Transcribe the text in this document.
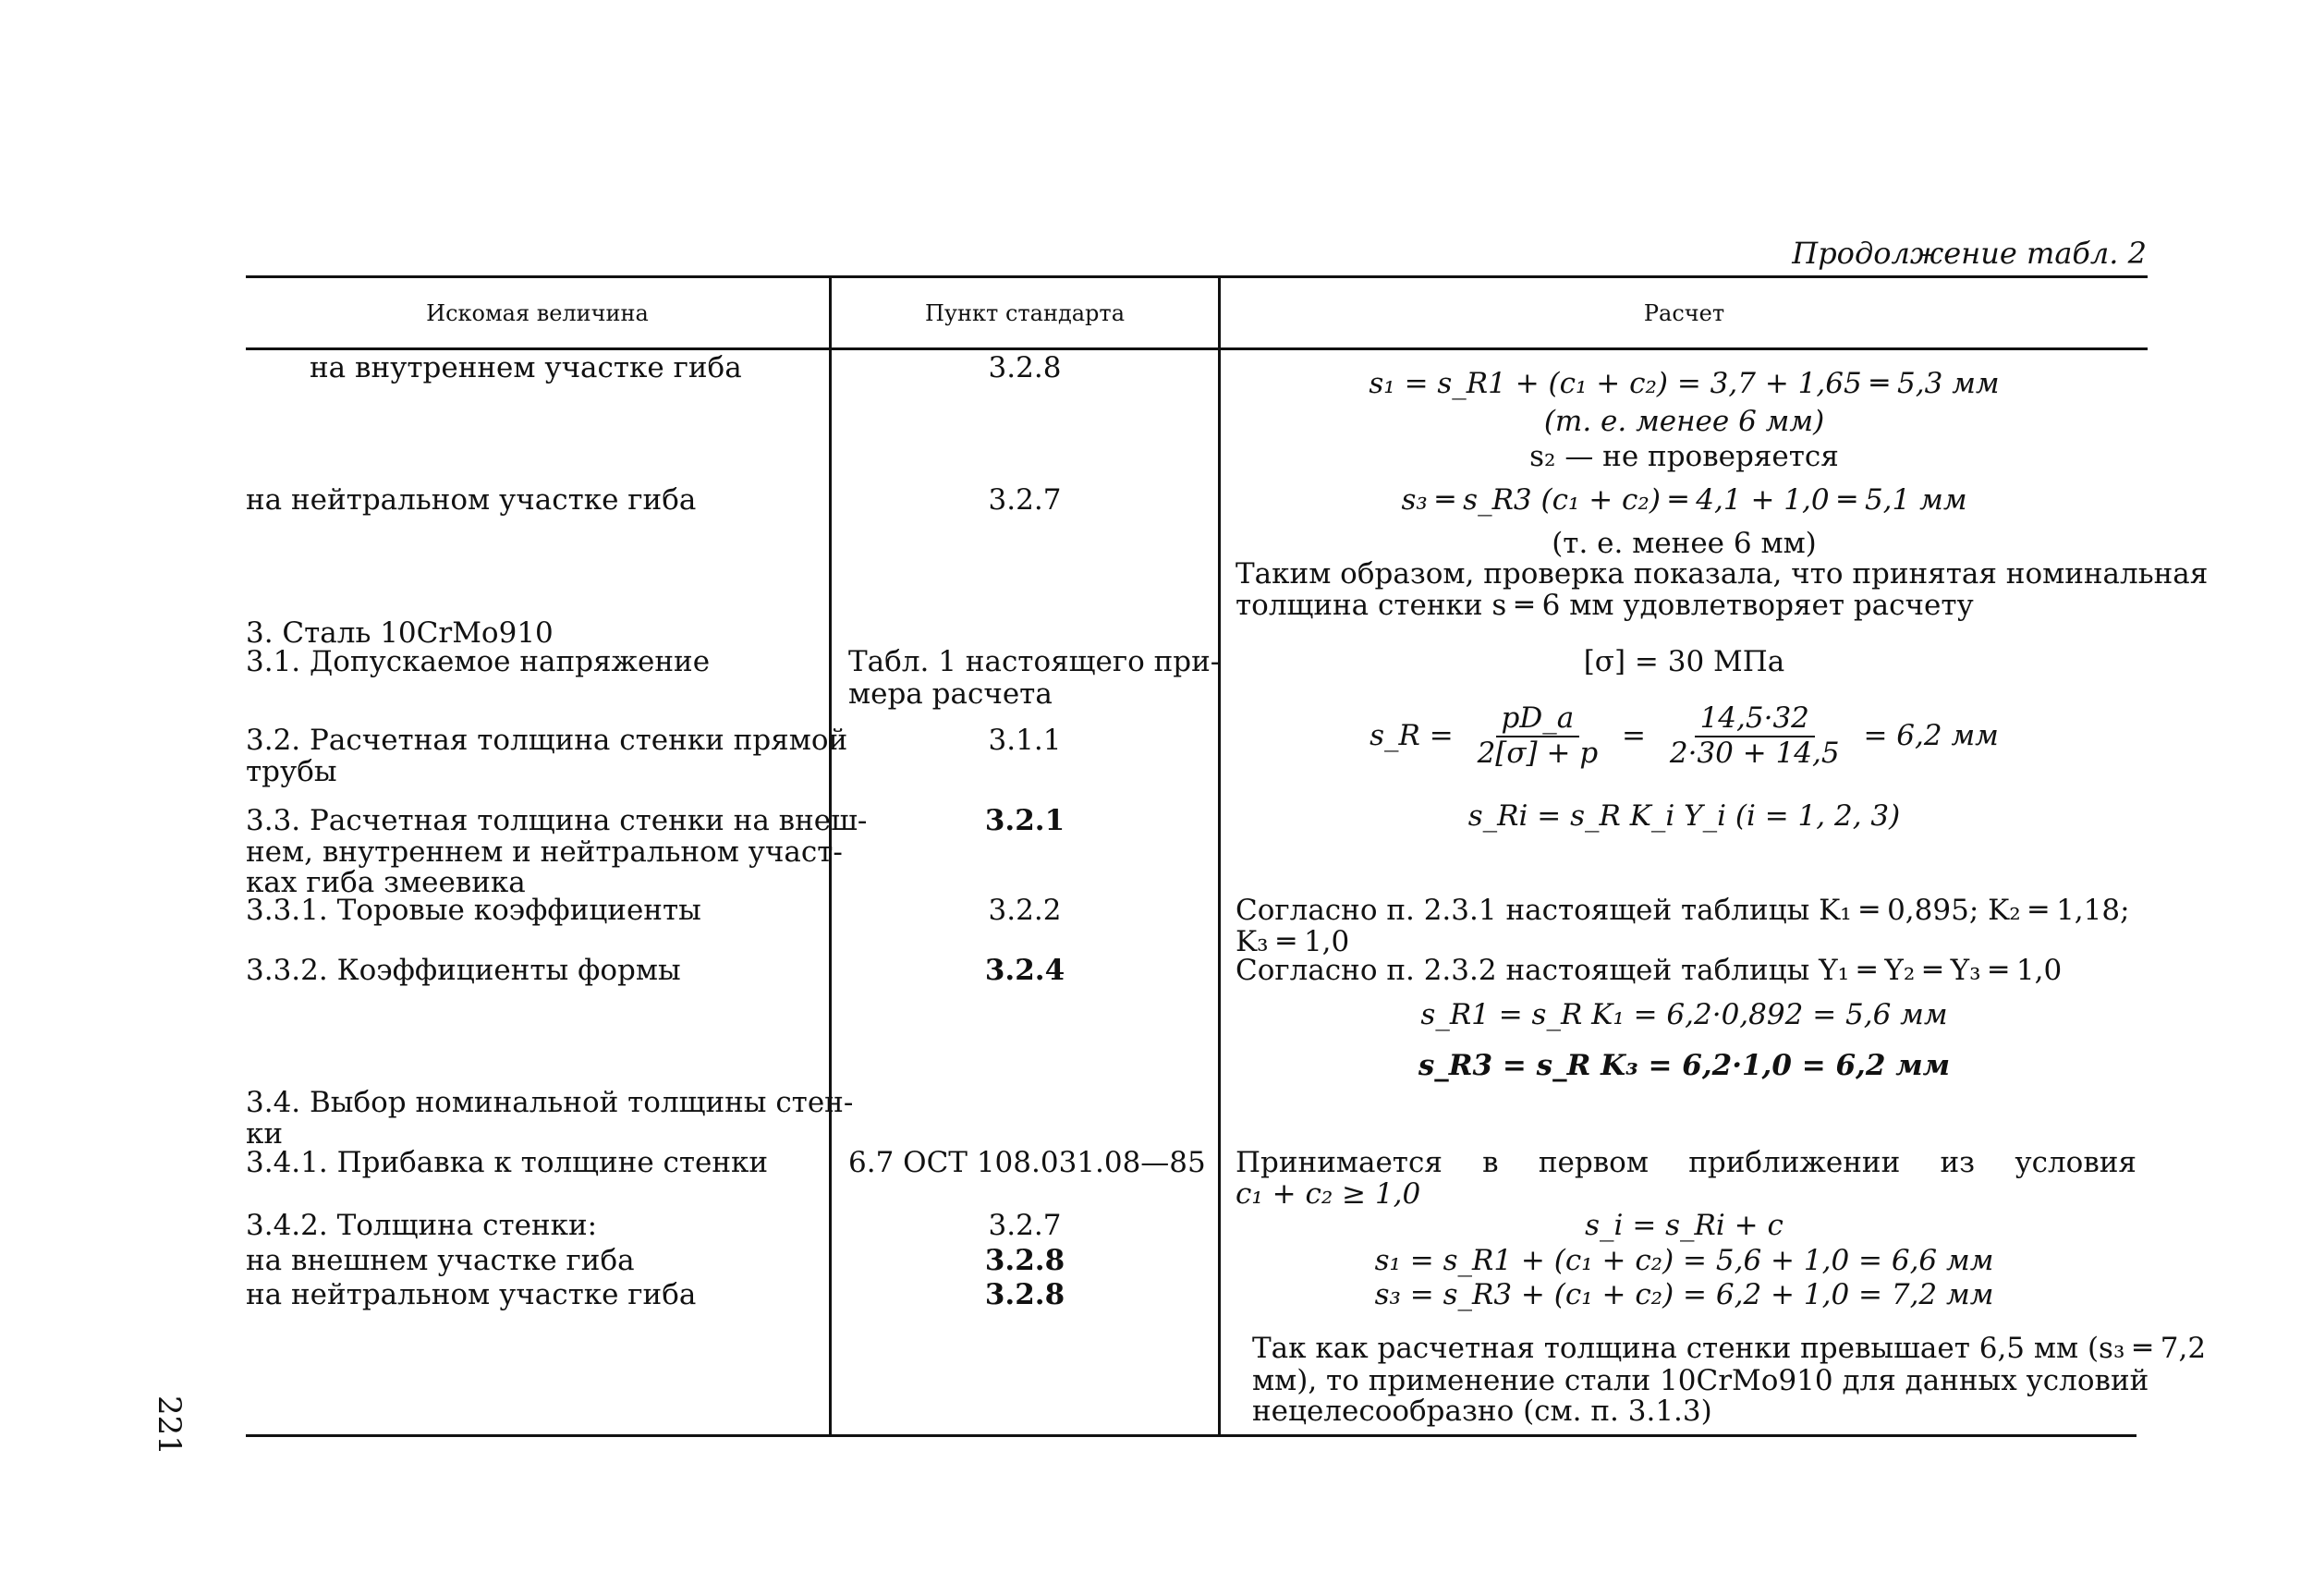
Продолжение табл. 2
Искомая величина	Пункт стандарта	Расчет
на внутреннем участке гиба
на нейтральном участке гиба
3. Сталь 10CrMo910
3.1. Допускаемое напряжение
3.2. Расчетная толщина стенки прямой
трубы
3.3. Расчетная толщина стенки на внеш-
нем, внутреннем и нейтральном участ-
ках гиба змеевика
3.3.1. Торовые коэффициенты
3.3.2. Коэффициенты формы
3.4. Выбор номинальной толщины стен-
ки
3.4.1. Прибавка к толщине стенки
3.4.2. Толщина стенки:
на внешнем участке гиба
на нейтральном участке гиба
3.2.8
3.2.7
Табл. 1 настоящего при-
мера расчета
3.1.1
3.2.1
3.2.2
3.2.4
6.7 ОСТ 108.031.08—85
3.2.7
3.2.8
3.2.8
s₁ = s_R1 + (c₁ + c₂) = 3,7 + 1,65 ═ 5,3 мм
(т. е. менее 6 мм)
s₂ — не проверяется
s₃ ═ s_R3 (c₁ + c₂) ═ 4,1 + 1,0 ═ 5,1 мм
(т. е. менее 6 мм)
Таким образом, проверка показала, что принятая номинальная
толщина стенки s ═ 6 мм удовлетворяет расчету
[σ] = 30 МПа
s_R = $\frac{pD\_a}{2[\sigma] + p} = \frac{14,5\cdot 32}{2\cdot 30 + 14,5} = 6,2$ мм
s_Ri = s_R K_i Y_i (i = 1, 2, 3)
Согласно п. 2.3.1 настоящей таблицы K₁ ═ 0,895; K₂ ═ 1,18;
K₃ ═ 1,0
Согласно п. 2.3.2 настоящей таблицы Y₁ ═ Y₂ ═ Y₃ ═ 1,0
s_R1 = s_R K₁ = 6,2·0,892 = 5,6 мм
s_R3 = s_R K₃ = 6,2·1,0 = 6,2 мм
Принимается в первом приближении из условия
c₁ + c₂ ≥ 1,0
s_i = s_Ri + c
s₁ = s_R1 + (c₁ + c₂) = 5,6 + 1,0 = 6,6 мм
s₃ = s_R3 + (c₁ + c₂) = 6,2 + 1,0 = 7,2 мм
Так как расчетная толщина стенки превышает 6,5 мм (s₃ ═ 7,2
мм), то применение стали 10CrMo910 для данных условий
нецелесообразно (см. п. 3.1.3)
221
